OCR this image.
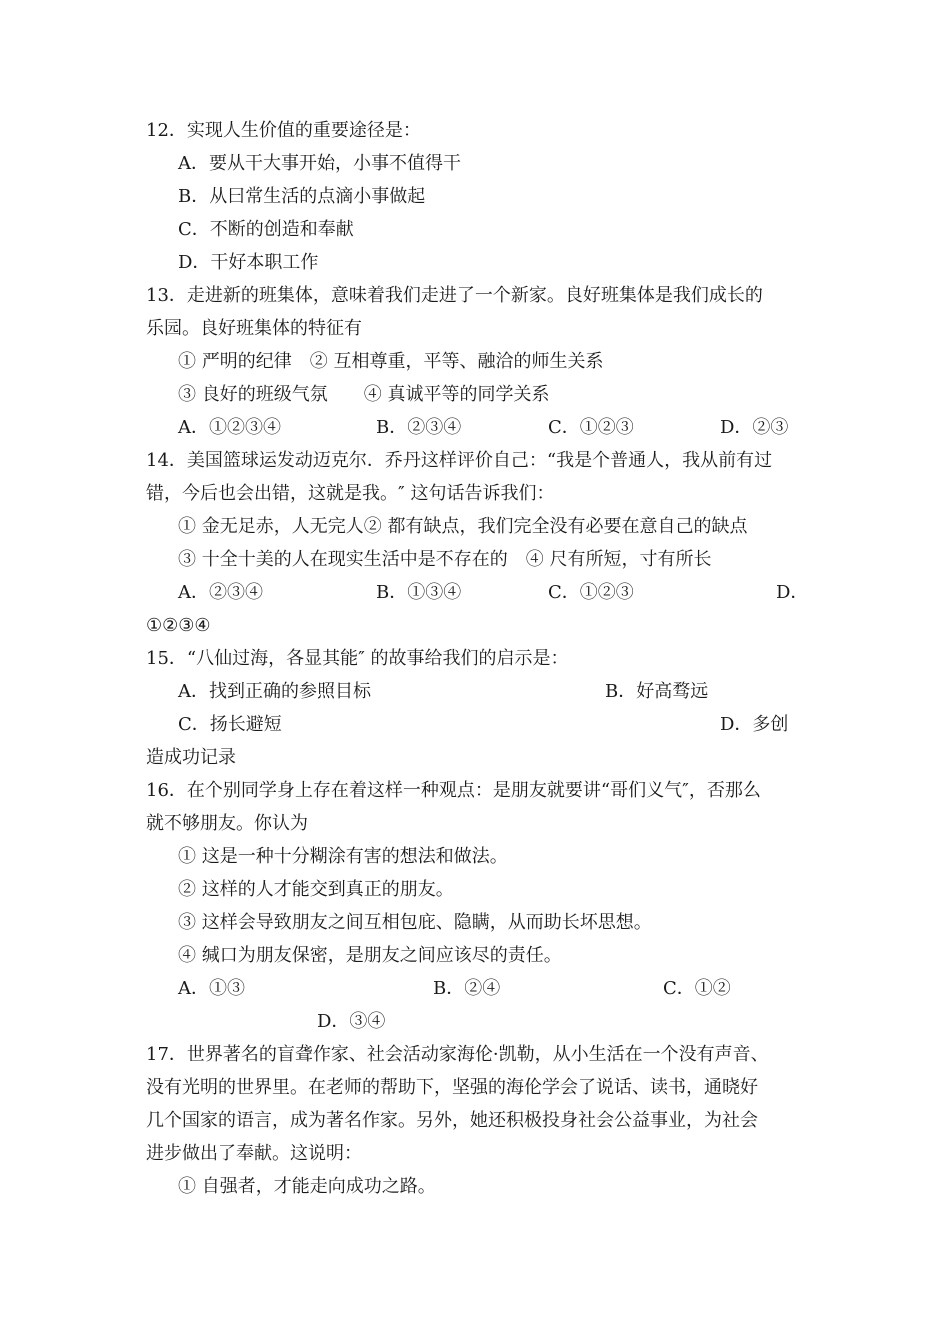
12．实现人生价值的重要途径是：
A．要从干大事开始，小事不值得干
B．从曰常生活的点滴小事做起
C．不断的创造和奉献
D．干好本职工作
13．走进新的班集体，意味着我们走进了一个新家。良好班集体是我们成长的
乐园。良好班集体的特征有
① 严明的纪律　② 互相尊重，平等、融洽的师生关系
③ 良好的班级气氛　　④ 真诚平等的同学关系
A．①②③④	B．②③④	C．①②③	D．②③
14．美国篮球运发动迈克尔．乔丹这样评价自己：“我是个普通人，我从前有过
错，今后也会出错，这就是我。″ 这句话告诉我们：
① 金无足赤，人无完人② 都有缺点，我们完全没有必要在意自己的缺点
③ 十全十美的人在现实生活中是不存在的　④ 尺有所短，寸有所长
A．②③④	B．①③④	C．①②③	D．
①②③④
15．“八仙过海，各显其能″ 的故事给我们的启示是：
A．找到正确的参照目标	B．好高骛远
C．扬长避短	D．多创
造成功记录
16．在个别同学身上存在着这样一种观点：是朋友就要讲“哥们义气″，否那么
就不够朋友。你认为
① 这是一种十分糊涂有害的想法和做法。
② 这样的人才能交到真正的朋友。
③ 这样会导致朋友之间互相包庇、隐瞒，从而助长坏思想。
④ 缄口为朋友保密，是朋友之间应该尽的责任。
A．①③	B．②④	C．①②
D．③④
17．世界著名的盲聋作家、社会活动家海伦·凯勒，从小生活在一个没有声音、
没有光明的世界里。在老师的帮助下，坚强的海伦学会了说话、读书，通晓好
几个国家的语言，成为著名作家。另外，她还积极投身社会公益事业，为社会
进步做出了奉献。这说明：
① 自强者，才能走向成功之路。
